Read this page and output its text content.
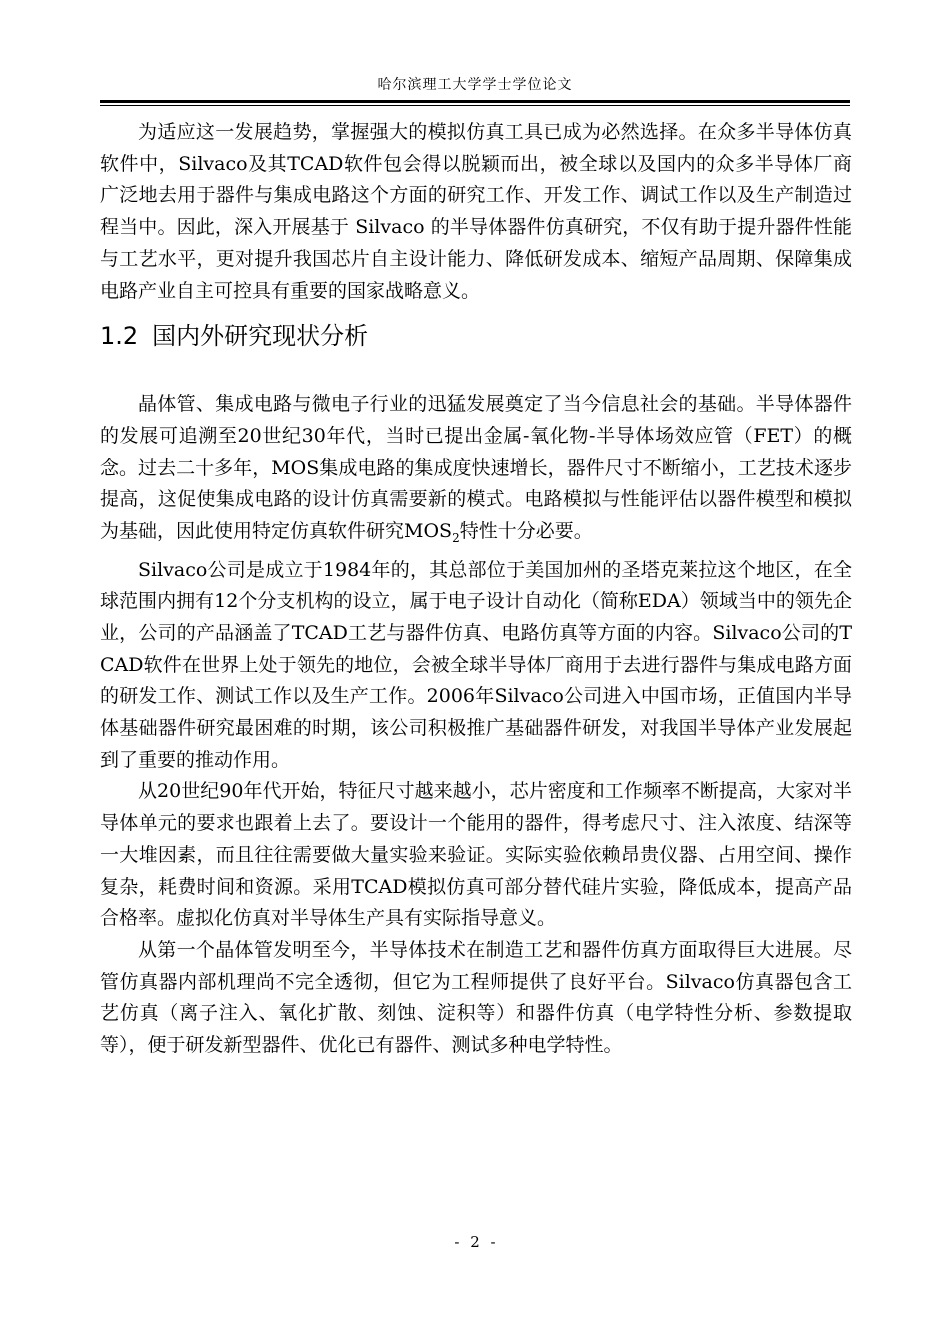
哈尔滨理工大学学士学位论文

为适应这一发展趋势，掌握强大的模拟仿真工具已成为必然选择。在众多半导体仿真软件中，Silvaco及其TCAD软件包会得以脱颖而出，被全球以及国内的众多半导体厂商广泛地去用于器件与集成电路这个方面的研究工作、开发工作、调试工作以及生产制造过程当中。因此，深入开展基于 Silvaco 的半导体器件仿真研究，不仅有助于提升器件性能与工艺水平，更对提升我国芯片自主设计能力、降低研发成本、缩短产品周期、保障集成电路产业自主可控具有重要的国家战略意义。

1.2 国内外研究现状分析

晶体管、集成电路与微电子行业的迅猛发展奠定了当今信息社会的基础。半导体器件的发展可追溯至20世纪30年代，当时已提出金属-氧化物-半导体场效应管（FET）的概念。过去二十多年，MOS集成电路的集成度快速增长，器件尺寸不断缩小，工艺技术逐步提高，这促使集成电路的设计仿真需要新的模式。电路模拟与性能评估以器件模型和模拟为基础，因此使用特定仿真软件研究$MOS_2$特性十分必要。

Silvaco公司是成立于1984年的，其总部位于美国加州的圣塔克莱拉这个地区，在全球范围内拥有12个分支机构的设立，属于电子设计自动化（简称EDA）领域当中的领先企业，公司的产品涵盖了TCAD工艺与器件仿真、电路仿真等方面的内容。Silvaco公司的TCAD软件在世界上处于领先的地位，会被全球半导体厂商用于去进行器件与集成电路方面的研发工作、测试工作以及生产工作。2006年Silvaco公司进入中国市场，正值国内半导体基础器件研究最困难的时期，该公司积极推广基础器件研发，对我国半导体产业发展起到了重要的推动作用。

从20世纪90年代开始，特征尺寸越来越小，芯片密度和工作频率不断提高，大家对半导体单元的要求也跟着上去了。要设计一个能用的器件，得考虑尺寸、注入浓度、结深等一大堆因素，而且往往需要做大量实验来验证。实际实验依赖昂贵仪器、占用空间、操作复杂，耗费时间和资源。采用TCAD模拟仿真可部分替代硅片实验，降低成本，提高产品合格率。虚拟化仿真对半导体生产具有实际指导意义。

从第一个晶体管发明至今，半导体技术在制造工艺和器件仿真方面取得巨大进展。尽管仿真器内部机理尚不完全透彻，但它为工程师提供了良好平台。Silvaco仿真器包含工艺仿真（离子注入、氧化扩散、刻蚀、淀积等）和器件仿真（电学特性分析、参数提取等），便于研发新型器件、优化已有器件、测试多种电学特性。

- 2 -
